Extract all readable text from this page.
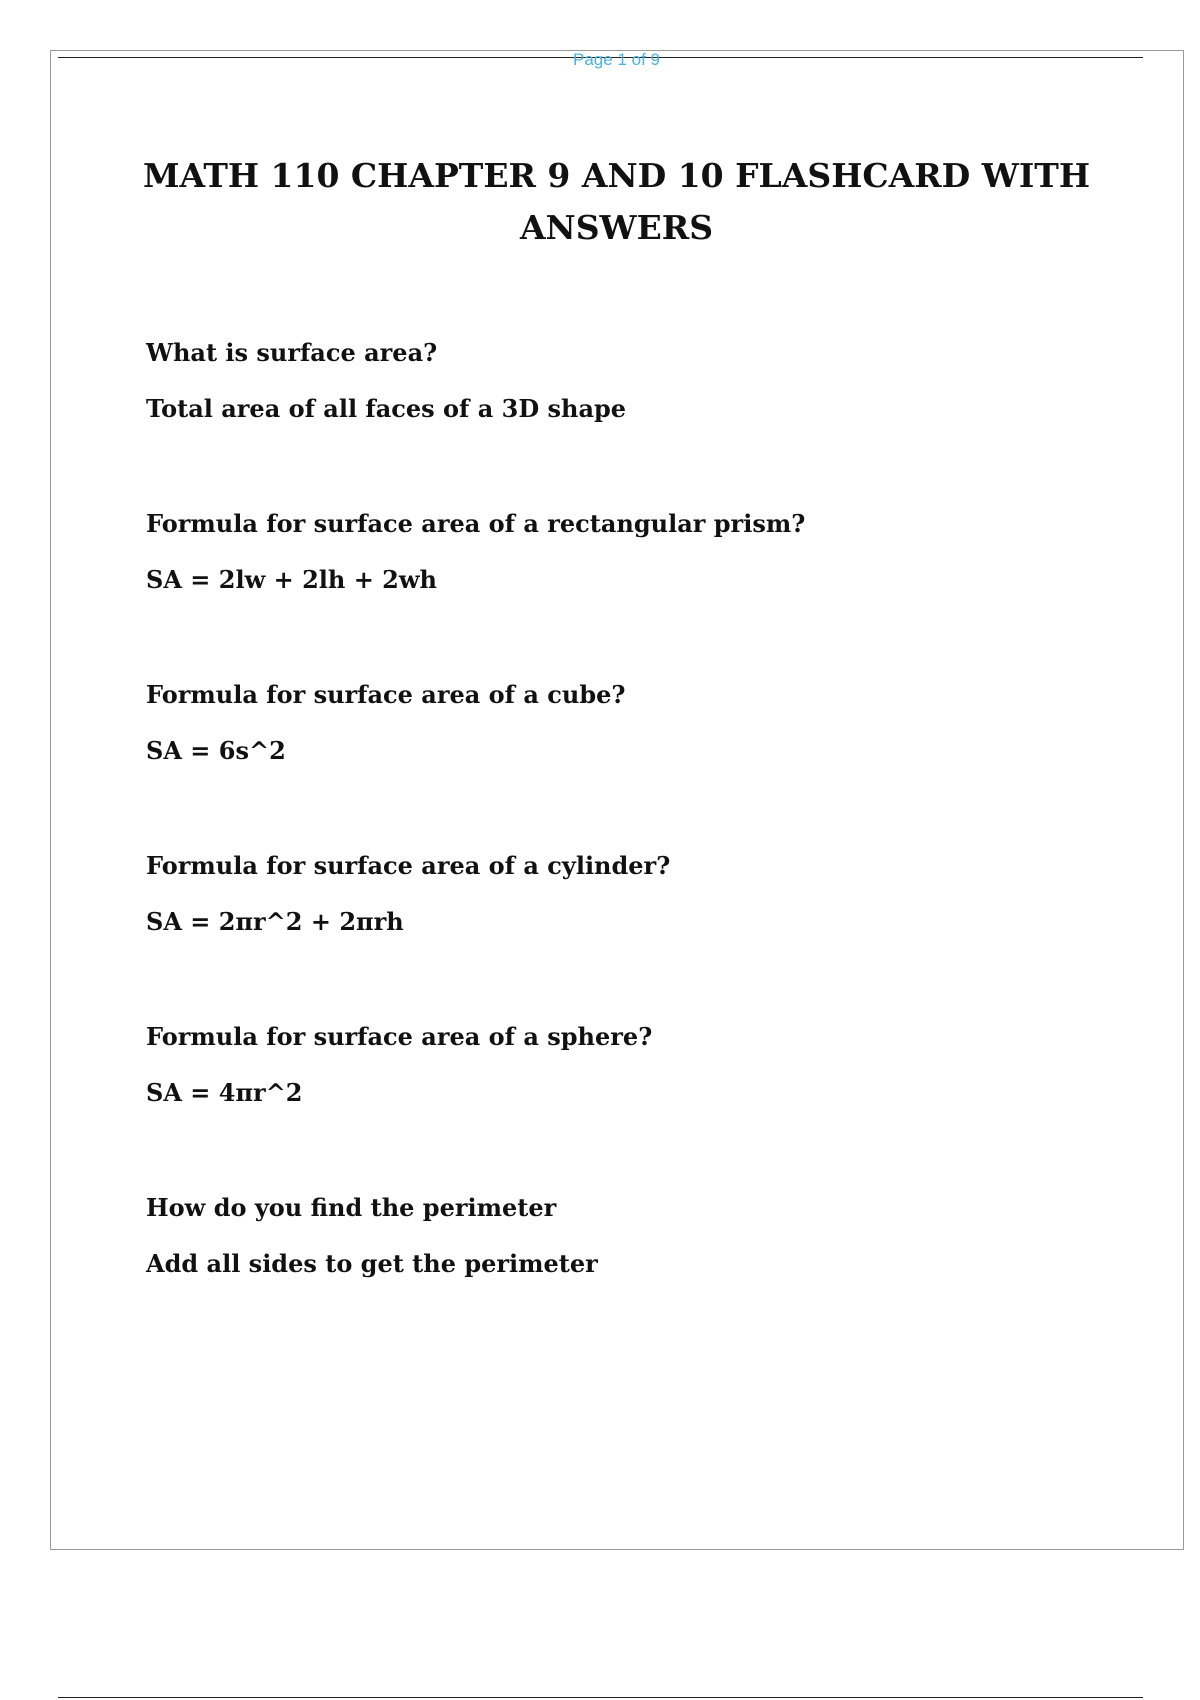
Page 1 of 9
MATH 110 CHAPTER 9 AND 10 FLASHCARD WITH ANSWERS

What is surface area?

Total area of all faces of a 3D shape

Formula for surface area of a rectangular prism?

SA = 2lw + 2lh + 2wh

Formula for surface area of a cube?

SA = 6s^2

Formula for surface area of a cylinder?

SA = 2πr^2 + 2πrh

Formula for surface area of a sphere?

SA = 4πr^2

How do you find the perimeter

Add all sides to get the perimeter
